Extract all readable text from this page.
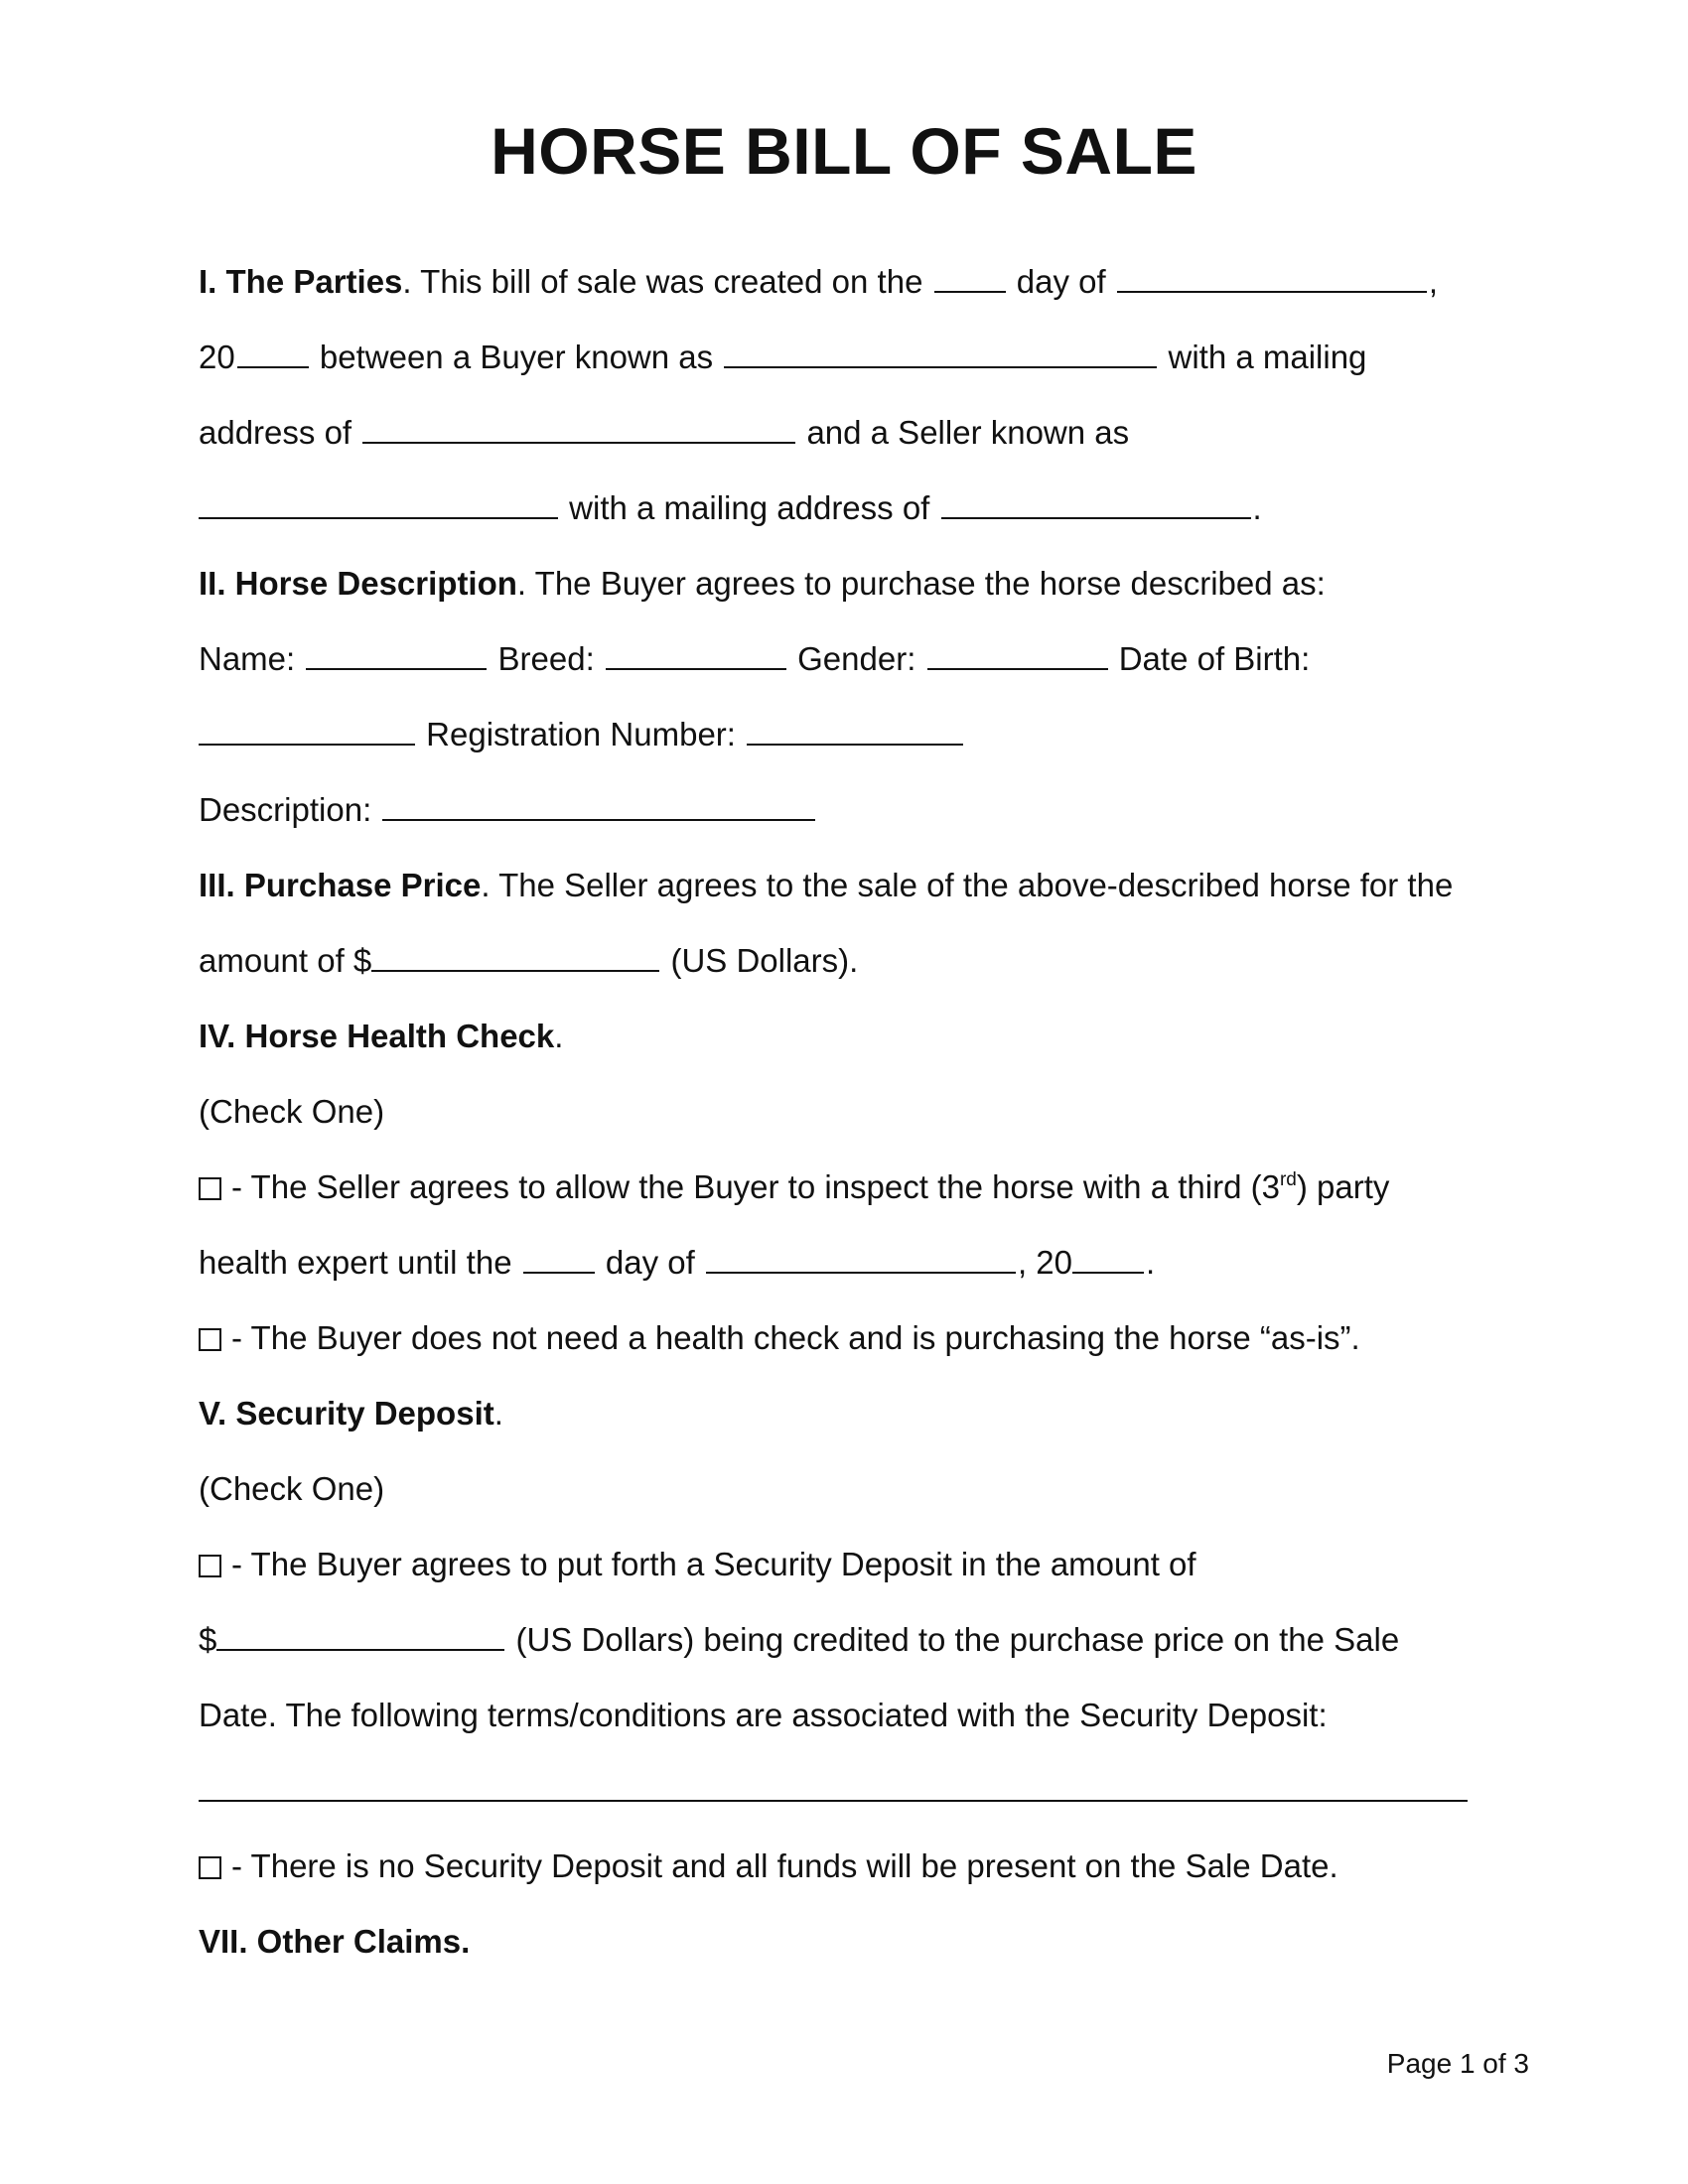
HORSE BILL OF SALE
I. The Parties. This bill of sale was created on the	day of	,
20	between a Buyer known as	with a mailing
address of	and a Seller known as
with a mailing address of	.
II. Horse Description. The Buyer agrees to purchase the horse described as:
Name:	Breed:	Gender:	Date of Birth:
Registration Number:
Description:
III. Purchase Price. The Seller agrees to the sale of the above-described horse for the
amount of $	(US Dollars).
IV. Horse Health Check.
(Check One)
- The Seller agrees to allow the Buyer to inspect the horse with a third (3rd) party
health expert until the	day of	, 20 .
- The Buyer does not need a health check and is purchasing the horse “as-is”.
V. Security Deposit.
(Check One)
- The Buyer agrees to put forth a Security Deposit in the amount of
$	(US Dollars) being credited to the purchase price on the Sale
Date. The following terms/conditions are associated with the Security Deposit:
- There is no Security Deposit and all funds will be present on the Sale Date.
VII. Other Claims.
Page 1 of 3
